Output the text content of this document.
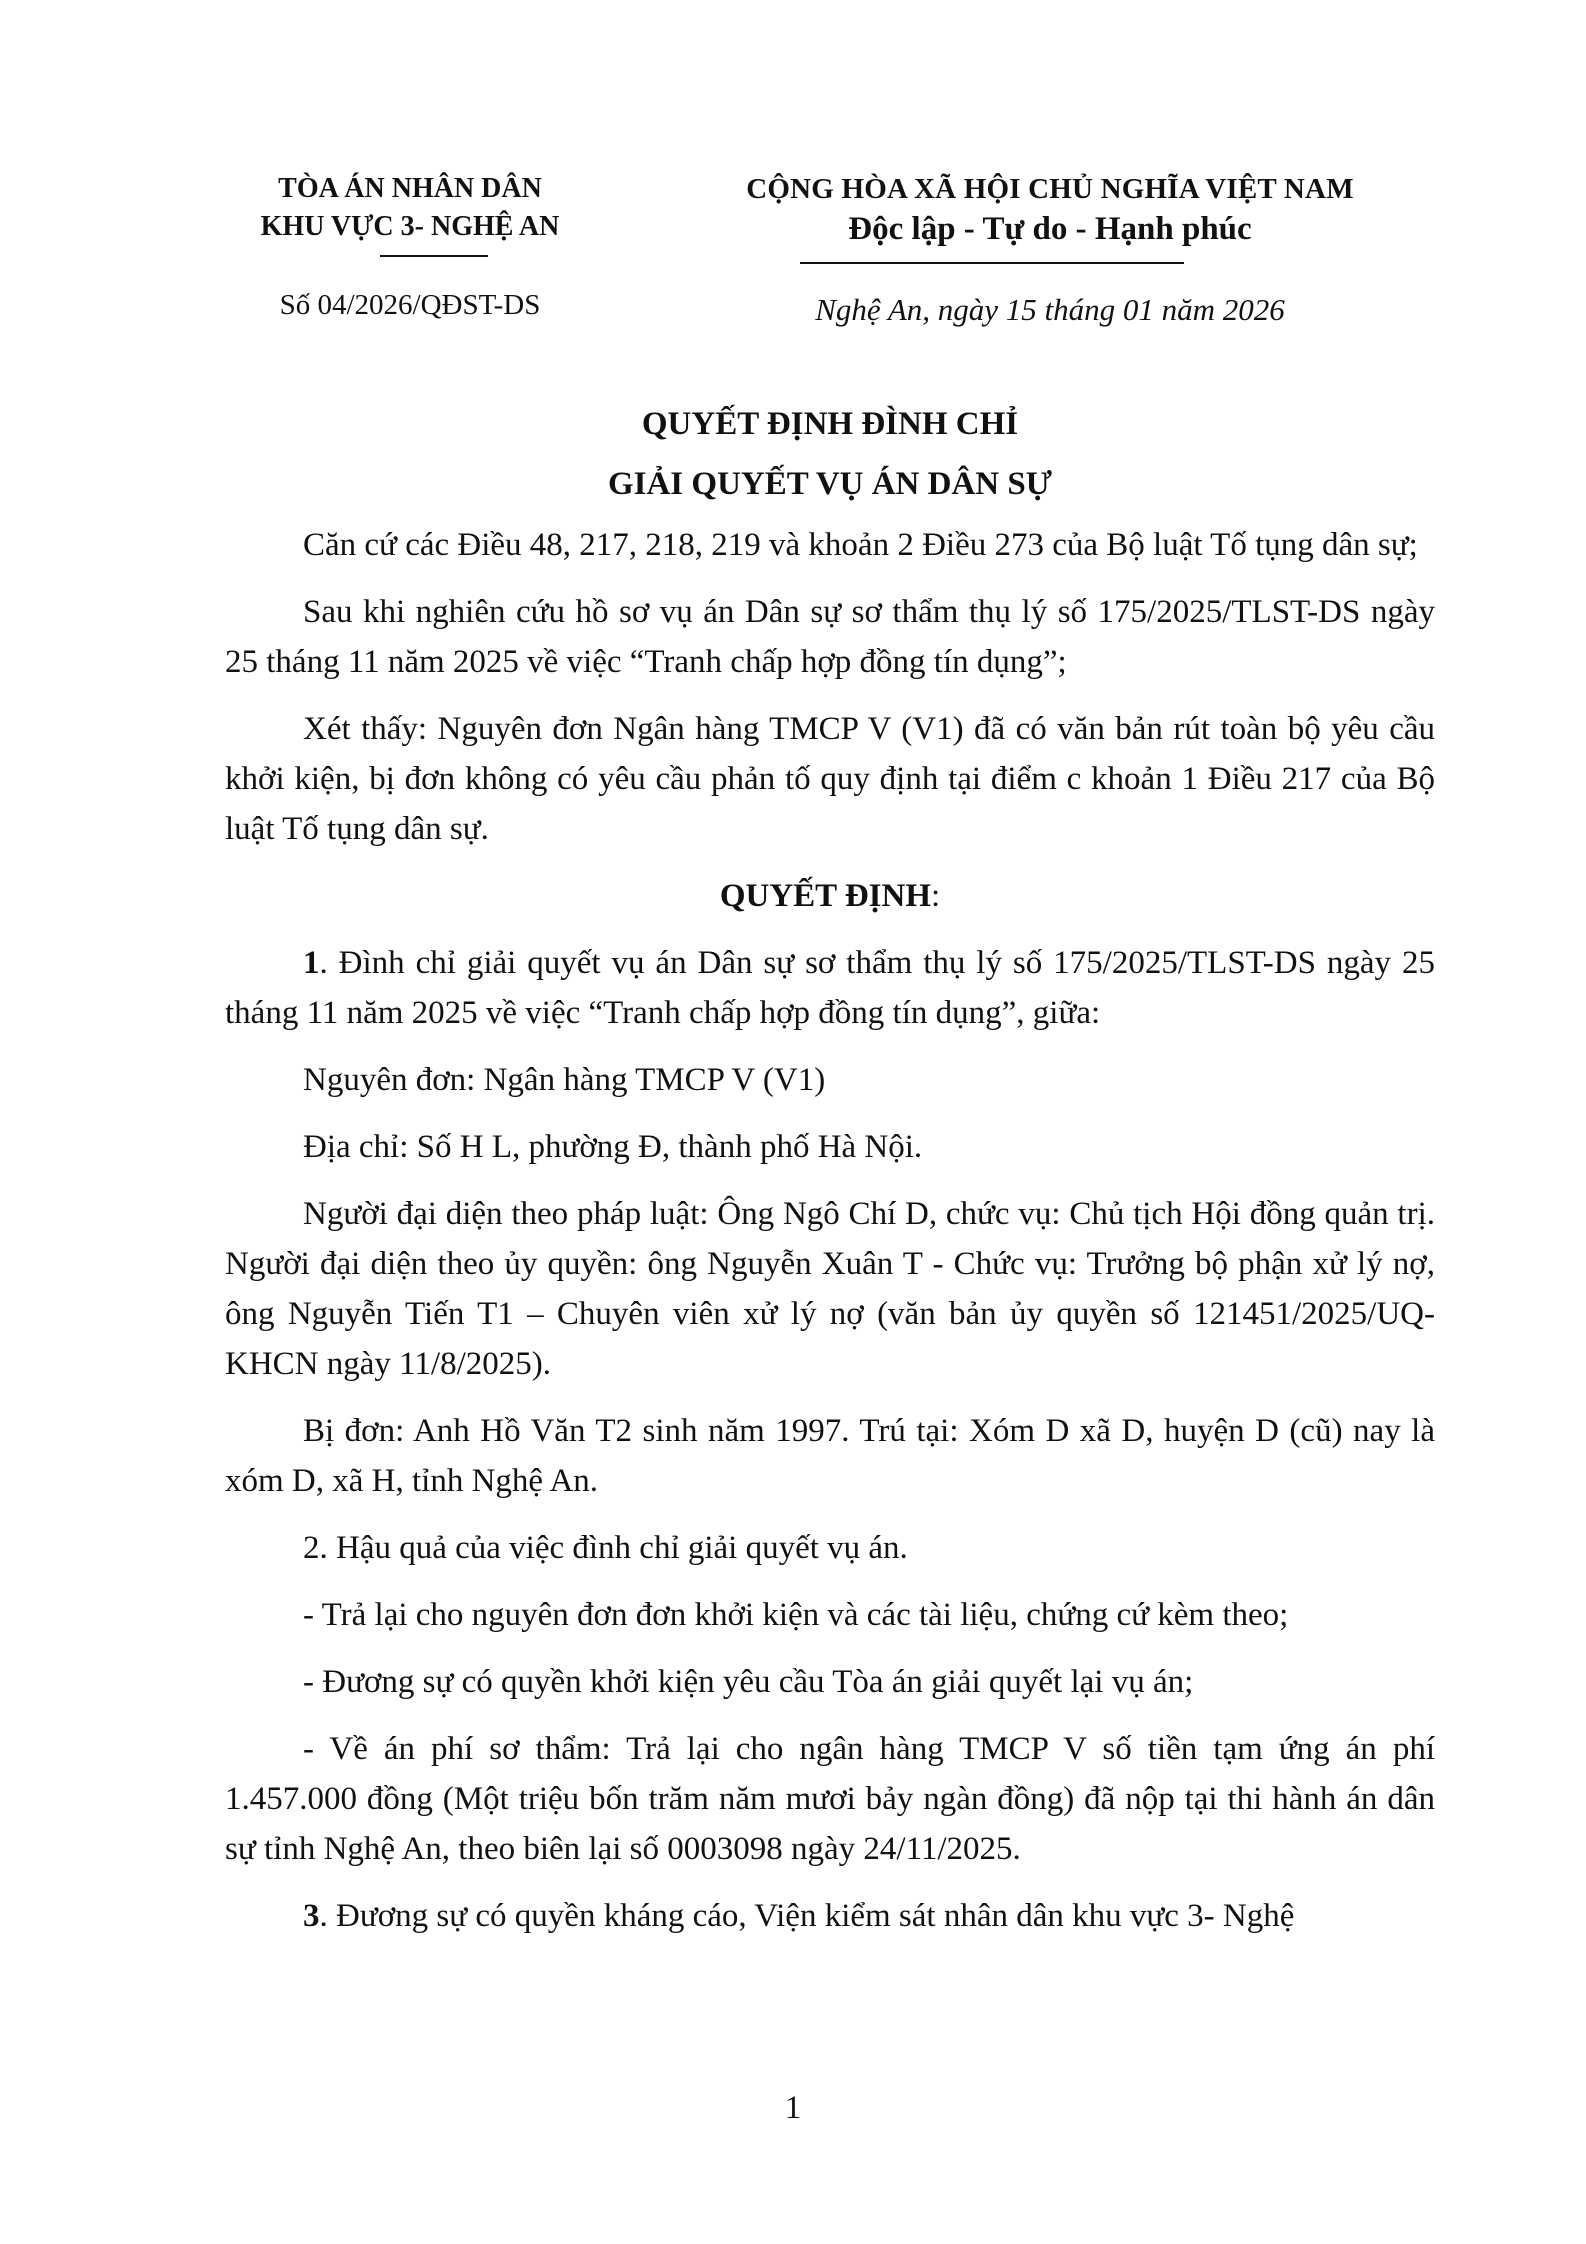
TÒA ÁN NHÂN DÂN
KHU VỰC 3- NGHỆ AN
CỘNG HÒA XÃ HỘI CHỦ NGHĨA VIỆT NAM
Độc lập - Tự do - Hạnh phúc
Số 04/2026/QĐST-DS	Nghệ An, ngày 15 tháng 01 năm 2026
QUYẾT ĐỊNH ĐÌNH CHỈ
GIẢI QUYẾT VỤ ÁN DÂN SỰ

Căn cứ các Điều 48, 217, 218, 219 và khoản 2 Điều 273 của Bộ luật Tố tụng dân sự;

Sau khi nghiên cứu hồ sơ vụ án Dân sự sơ thẩm thụ lý số 175/2025/TLST-DS ngày 25 tháng 11 năm 2025 về việc “Tranh chấp hợp đồng tín dụng”;

Xét thấy: Nguyên đơn Ngân hàng TMCP V (V1) đã có văn bản rút toàn bộ yêu cầu khởi kiện, bị đơn không có yêu cầu phản tố quy định tại điểm c khoản 1 Điều 217 của Bộ luật Tố tụng dân sự.

QUYẾT ĐỊNH:

1. Đình chỉ giải quyết vụ án Dân sự sơ thẩm thụ lý số 175/2025/TLST-DS ngày 25 tháng 11 năm 2025 về việc “Tranh chấp hợp đồng tín dụng”, giữa:

Nguyên đơn: Ngân hàng TMCP V (V1)

Địa chỉ: Số H L, phường Đ, thành phố Hà Nội.

Người đại diện theo pháp luật: Ông Ngô Chí D, chức vụ: Chủ tịch Hội đồng quản trị. Người đại diện theo ủy quyền: ông Nguyễn Xuân T - Chức vụ: Trưởng bộ phận xử lý nợ, ông Nguyễn Tiến T1 – Chuyên viên xử lý nợ (văn bản ủy quyền số 121451/2025/UQ-KHCN ngày 11/8/2025).

Bị đơn: Anh Hồ Văn T2 sinh năm 1997. Trú tại: Xóm D xã D, huyện D (cũ) nay là xóm D, xã H, tỉnh Nghệ An.

2. Hậu quả của việc đình chỉ giải quyết vụ án.

- Trả lại cho nguyên đơn đơn khởi kiện và các tài liệu, chứng cứ kèm theo;

- Đương sự có quyền khởi kiện yêu cầu Tòa án giải quyết lại vụ án;

- Về án phí sơ thẩm: Trả lại cho ngân hàng TMCP V số tiền tạm ứng án phí 1.457.000 đồng (Một triệu bốn trăm năm mươi bảy ngàn đồng) đã nộp tại thi hành án dân sự tỉnh Nghệ An, theo biên lại số 0003098 ngày 24/11/2025.

3. Đương sự có quyền kháng cáo, Viện kiểm sát nhân dân khu vực 3- Nghệ

1
